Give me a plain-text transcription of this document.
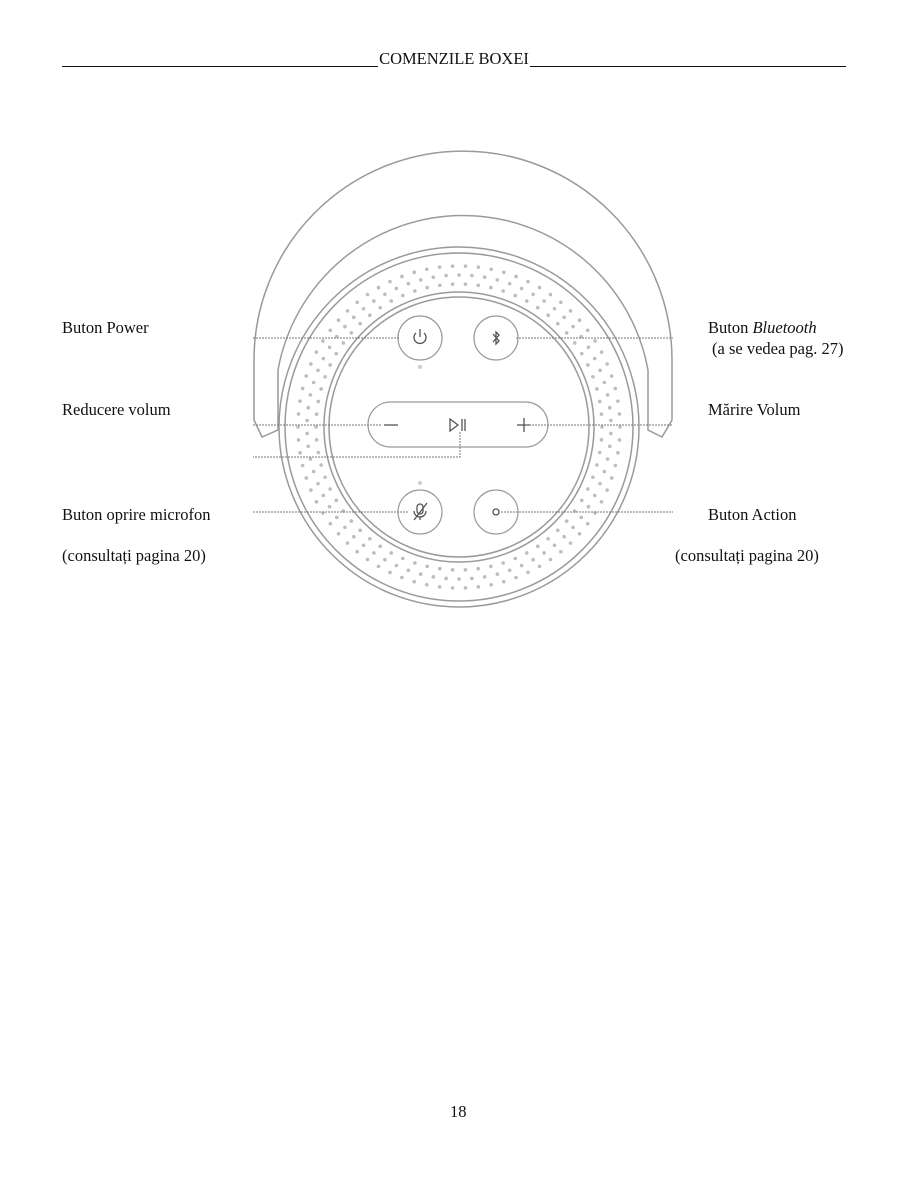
COMENZILE BOXEI
Buton Power	Buton Bluetooth
(a se vedea pag. 27)
Reducere volum	Mărire Volum
Buton oprire microfon
(consultați pagina 20)
Buton Action
(consultați pagina 20)
18
